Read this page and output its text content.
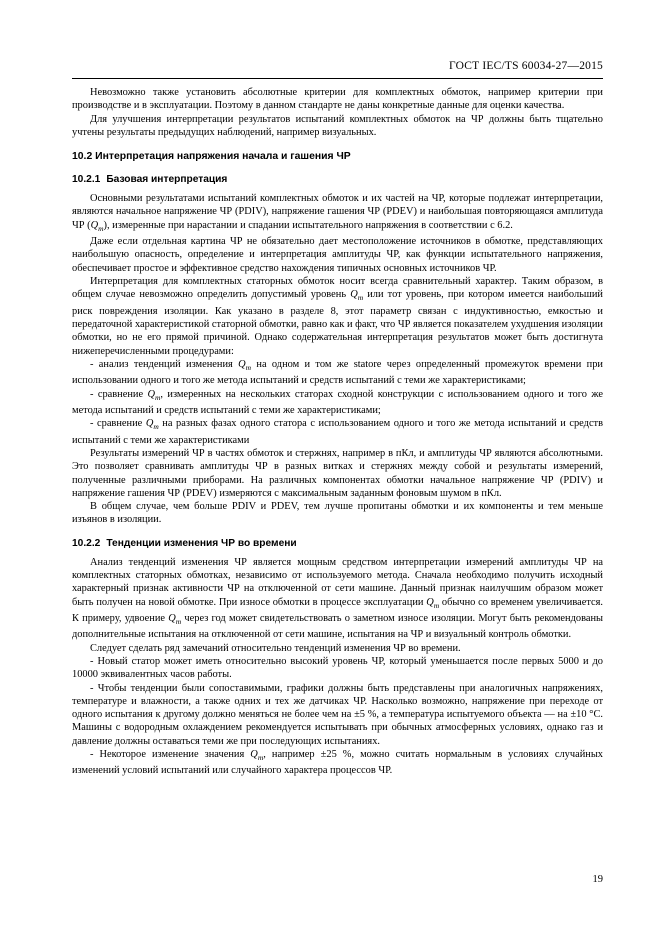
ГОСТ IEC/TS 60034-27—2015

Невозможно также установить абсолютные критерии для комплектных обмоток, например критерии при производстве и в эксплуатации. Поэтому в данном стандарте не даны конкретные данные для оценки качества.

Для улучшения интерпретации результатов испытаний комплектных обмоток на ЧР должны быть тщательно учтены результаты предыдущих наблюдений, например визуальных.

10.2 Интерпретация напряжения начала и гашения ЧР
10.2.1 Базовая интерпретация

Основными результатами испытаний комплектных обмоток и их частей на ЧР, которые подлежат интерпретации, являются начальное напряжение ЧР (PDIV), напряжение гашения ЧР (PDEV) и наибольшая повторяющаяся амплитуда ЧР $(Q_m)$, измеренные при нарастании и спадании испытательного напряжения в соответствии с 6.2.

Даже если отдельная картина ЧР не обязательно дает местоположение источников в обмотке, представляющих наибольшую опасность, определение и интерпретация амплитуды ЧР, как функции испытательного напряжения, обеспечивает простое и эффективное средство нахождения типичных основных источников ЧР.

Интерпретация для комплектных статорных обмоток носит всегда сравнительный характер. Таким образом, в общем случае невозможно определить допустимый уровень $Q_m$ или тот уровень, при котором имеется наибольший риск повреждения изоляции. Как указано в разделе 8, этот параметр связан с индуктивностью, емкостью и передаточной характеристикой статорной обмотки, равно как и факт, что ЧР является показателем ухудшения изоляции обмотки, но не его прямой причиной. Однако содержательная интерпретация результатов может быть достигнута нижеперечисленными процедурами:

- анализ тенденций изменения $Q_m$ на одном и том же statore через определенный промежуток времени при использовании одного и того же метода испытаний и средств испытаний с теми же характеристиками;

- сравнение $Q_m$, измеренных на нескольких статорах сходной конструкции с использованием одного и того же метода испытаний и средств испытаний с теми же характеристиками;

- сравнение $Q_m$ на разных фазах одного статора с использованием одного и того же метода испытаний и средств испытаний с теми же характеристиками

Результаты измерений ЧР в частях обмоток и стержнях, например в пКл, и амплитуды ЧР являются абсолютными. Это позволяет сравнивать амплитуды ЧР в разных витках и стержнях между собой и результаты измерений, полученные различными приборами. На различных компонентах обмотки начальное напряжение ЧР (PDIV) и напряжение гашения ЧР (PDEV) измеряются с максимальным заданным фоновым шумом в пКл.

В общем случае, чем больше PDIV и PDEV, тем лучше пропитаны обмотки и их компоненты и тем меньше изъянов в изоляции.

10.2.2 Тенденции изменения ЧР во времени

Анализ тенденций изменения ЧР является мощным средством интерпретации измерений амплитуды ЧР на комплектных статорных обмотках, независимо от используемого метода. Сначала необходимо получить исходный характерный признак активности ЧР на отключенной от сети машине. Данный признак наилучшим образом может быть получен на новой обмотке. При износе обмотки в процессе эксплуатации $Q_m$ обычно со временем увеличивается. К примеру, удвоение $Q_m$ через год может свидетельствовать о заметном износе изоляции. Могут быть рекомендованы дополнительные испытания на отключенной от сети машине, испытания на ЧР и визуальный контроль обмотки.

Следует сделать ряд замечаний относительно тенденций изменения ЧР во времени.

- Новый статор может иметь относительно высокий уровень ЧР, который уменьшается после первых 5000 и до 10000 эквивалентных часов работы.

- Чтобы тенденции были сопоставимыми, графики должны быть представлены при аналогичных напряжениях, температуре и влажности, а также одних и тех же датчиках ЧР. Насколько возможно, напряжение при переходе от одного испытания к другому должно меняться не более чем на ±5 %, а температура испытуемого объекта — на ±10 °С. Машины с водородным охлаждением рекомендуется испытывать при обычных атмосферных условиях, однако газ и давление должны оставаться теми же при последующих испытаниях.

- Некоторое изменение значения $Q_m$, например ±25 %, можно считать нормальным в условиях случайных изменений условий испытаний или случайного характера процессов ЧР.

19
